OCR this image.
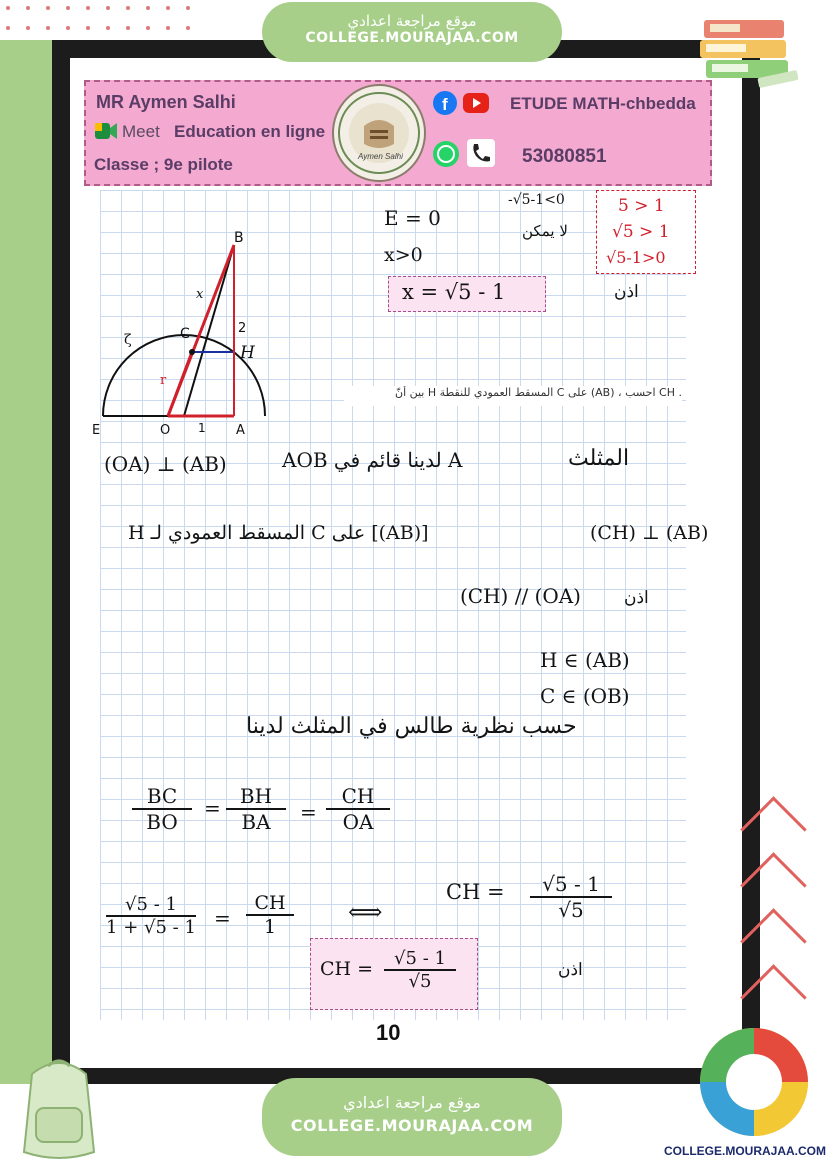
موقع مراجعة اعدادي
COLLEGE.MOURAJAA.COM
MR Aymen Salhi
Meet Education en ligne
Classe ; 9e pilote	Aymen Salhi
f	ETUDE MATH-chbedda
53080851
B
C
H
E	O	A
x
2
1
ζ
r
E = 0
x>0
-√5-1<0
لا يمكن
x = √5 - 1
5 > 1
√5 > 1
√5-1>0
اذن
بين أنّ H المسقط العمودي للنقطة C على (AB) ، احسب CH .
المثلث
AOB لدينا قائم في A
(OA) ⊥ (AB)
H المسقط العمودي لـ C على [(AB)]	(CH) ⊥ (AB)
اذن
(CH) // (OA)
H ∈ (AB)
C ∈ (OB)
حسب نظرية طالس في المثلث لدينا
$\frac{BC}{BO} = \frac{BH}{BA} = \frac{CH}{OA}$
$\frac{√5 - 1}{1 + √5 - 1} = \frac{CH}{1}$ ⟺
CH = $\frac{√5 - 1}{√5}$
CH = $\frac{√5 - 1}{√5}$	اذن
10
COLLEGE.MOURAJAA.COM
موقع مراجعة اعدادي
COLLEGE.MOURAJAA.COM
